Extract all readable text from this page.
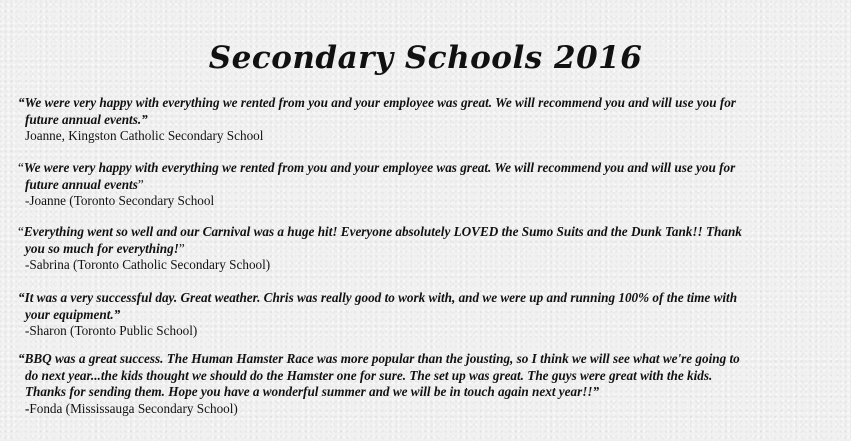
Secondary Schools 2016

“We were very happy with everything we rented from you and your employee was great. We will recommend you and will use you for

future annual events.”

Joanne, Kingston Catholic Secondary School

“We were very happy with everything we rented from you and your employee was great. We will recommend you and will use you for

future annual events”

-Joanne (Toronto Secondary School

“Everything went so well and our Carnival was a huge hit! Everyone absolutely LOVED the Sumo Suits and the Dunk Tank!! Thank

you so much for everything!”

-Sabrina (Toronto Catholic Secondary School)

“It was a very successful day. Great weather. Chris was really good to work with, and we were up and running 100% of the time with

your equipment.”

-Sharon (Toronto Public School)

“BBQ was a great success. The Human Hamster Race was more popular than the jousting, so I think we will see what we're going to

do next year...the kids thought we should do the Hamster one for sure. The set up was great. The guys were great with the kids.

Thanks for sending them. Hope you have a wonderful summer and we will be in touch again next year!!”

-Fonda (Mississauga Secondary School)
